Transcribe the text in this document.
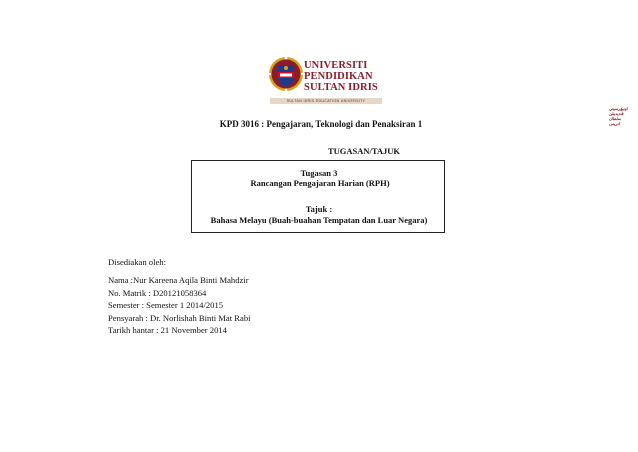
اونيۏرسيتي ڤنديديقن سلطان ادريس
UNIVERSITI
PENDIDIKAN
SULTAN IDRIS
SULTAN IDRIS EDUCATION UNIVERSITY
KPD 3016 : Pengajaran, Teknologi dan Penaksiran 1
TUGASAN/TAJUK
Tugasan 3
Rancangan Pengajaran Harian (RPH)
Tajuk :
Bahasa Melayu (Buah-buahan Tempatan dan Luar Negara)
Disediakan oleh:
Nama :Nur Kareena Aqila Binti Mahdzir
No. Matrik : D20121058364
Semester : Semester 1 2014/2015
Pensyarah : Dr. Norlishah Binti Mat Rabi
Tarikh hantar : 21 November 2014
